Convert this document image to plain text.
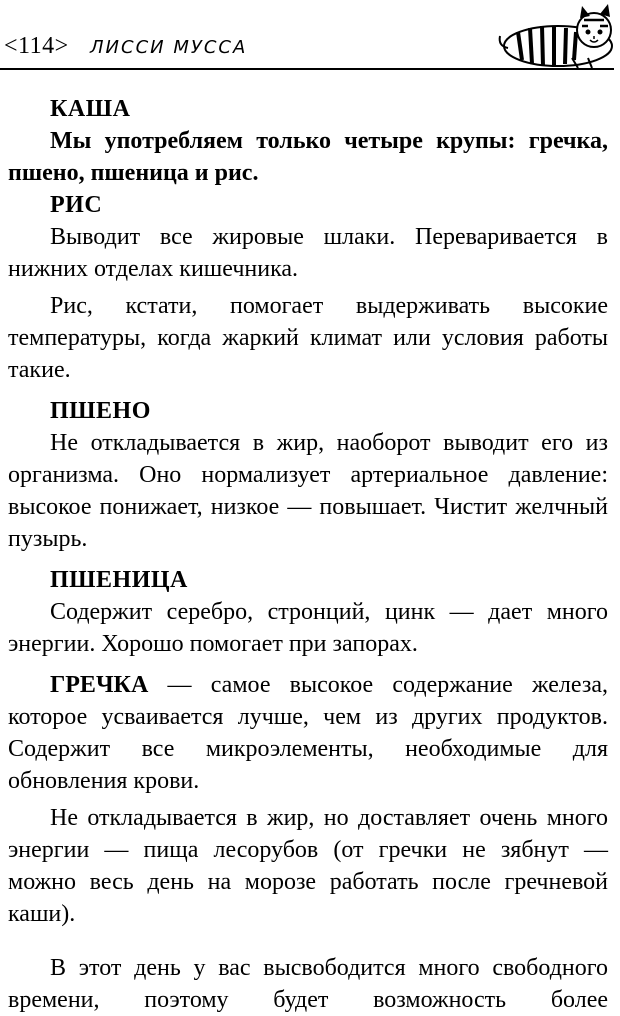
<114> ЛИССИ МУССА

КАША

Мы употребляем только четыре крупы: гречка, пшено, пшеница и рис.

РИС

Выводит все жировые шлаки. Переваривается в нижних отделах кишечника.

Рис, кстати, помогает выдерживать высокие температуры, когда жаркий климат или условия работы такие.

ПШЕНО

Не откладывается в жир, наоборот выводит его из организма. Оно нормализует артериальное давление: высокое понижает, низкое — повышает. Чистит желчный пузырь.

ПШЕНИЦА

Содержит серебро, стронций, цинк — дает много энергии. Хорошо помогает при запорах.

ГРЕЧКА — самое высокое содержание железа, которое усваивается лучше, чем из других продуктов. Содержит все микроэлементы, необходимые для обновления крови.

Не откладывается в жир, но доставляет очень много энергии — пища лесорубов (от гречки не зябнут — можно весь день на морозе работать после гречневой каши).

В этот день у вас высвободится много свободного времени, поэтому будет возможность более
